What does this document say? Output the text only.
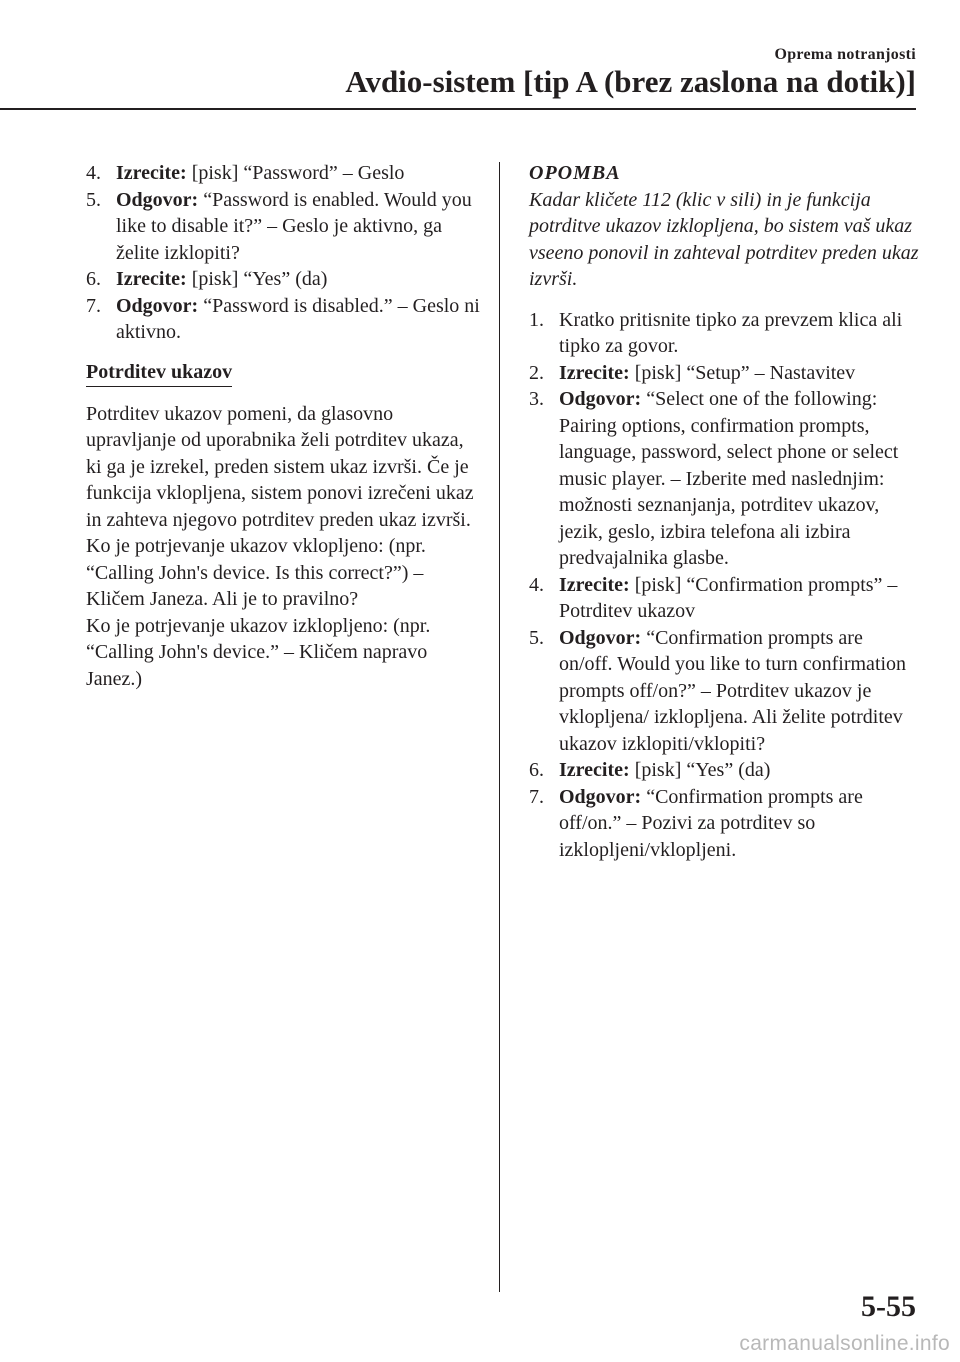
Oprema notranjosti
Avdio-sistem [tip A (brez zaslona na dotik)]
4. Izrecite: [pisk] “Password” – Geslo
5. Odgovor: “Password is enabled. Would you like to disable it?” – Geslo je aktivno, ga želite izklopiti?
6. Izrecite: [pisk] “Yes” (da)
7. Odgovor: “Password is disabled.” – Geslo ni aktivno.
Potrditev ukazov

Potrditev ukazov pomeni, da glasovno upravljanje od uporabnika želi potrditev ukaza, ki ga je izrekel, preden sistem ukaz izvrši. Če je funkcija vklopljena, sistem ponovi izrečeni ukaz in zahteva njegovo potrditev preden ukaz izvrši.

Ko je potrjevanje ukazov vklopljeno: (npr. “Calling John's device. Is this correct?”) – Kličem Janeza. Ali je to pravilno?

Ko je potrjevanje ukazov izklopljeno: (npr. “Calling John's device.” – Kličem napravo Janez.)

OPOMBA
Kadar kličete 112 (klic v sili) in je funkcija potrditve ukazov izklopljena, bo sistem vaš ukaz vseeno ponovil in zahteval potrditev preden ukaz izvrši.
1. Kratko pritisnite tipko za prevzem klica ali tipko za govor.
2. Izrecite: [pisk] “Setup” – Nastavitev
3. Odgovor: “Select one of the following: Pairing options, confirmation prompts, language, password, select phone or select music player. – Izberite med naslednjim: možnosti seznanjanja, potrditev ukazov, jezik, geslo, izbira telefona ali izbira predvajalnika glasbe.
4. Izrecite: [pisk] “Confirmation prompts” – Potrditev ukazov
5. Odgovor: “Confirmation prompts are on/off. Would you like to turn confirmation prompts off/on?” – Potrditev ukazov je vklopljena/ izklopljena. Ali želite potrditev ukazov izklopiti/vklopiti?
6. Izrecite: [pisk] “Yes” (da)
7. Odgovor: “Confirmation prompts are off/on.” – Pozivi za potrditev so izklopljeni/vklopljeni.
5-55
carmanualsonline.info
